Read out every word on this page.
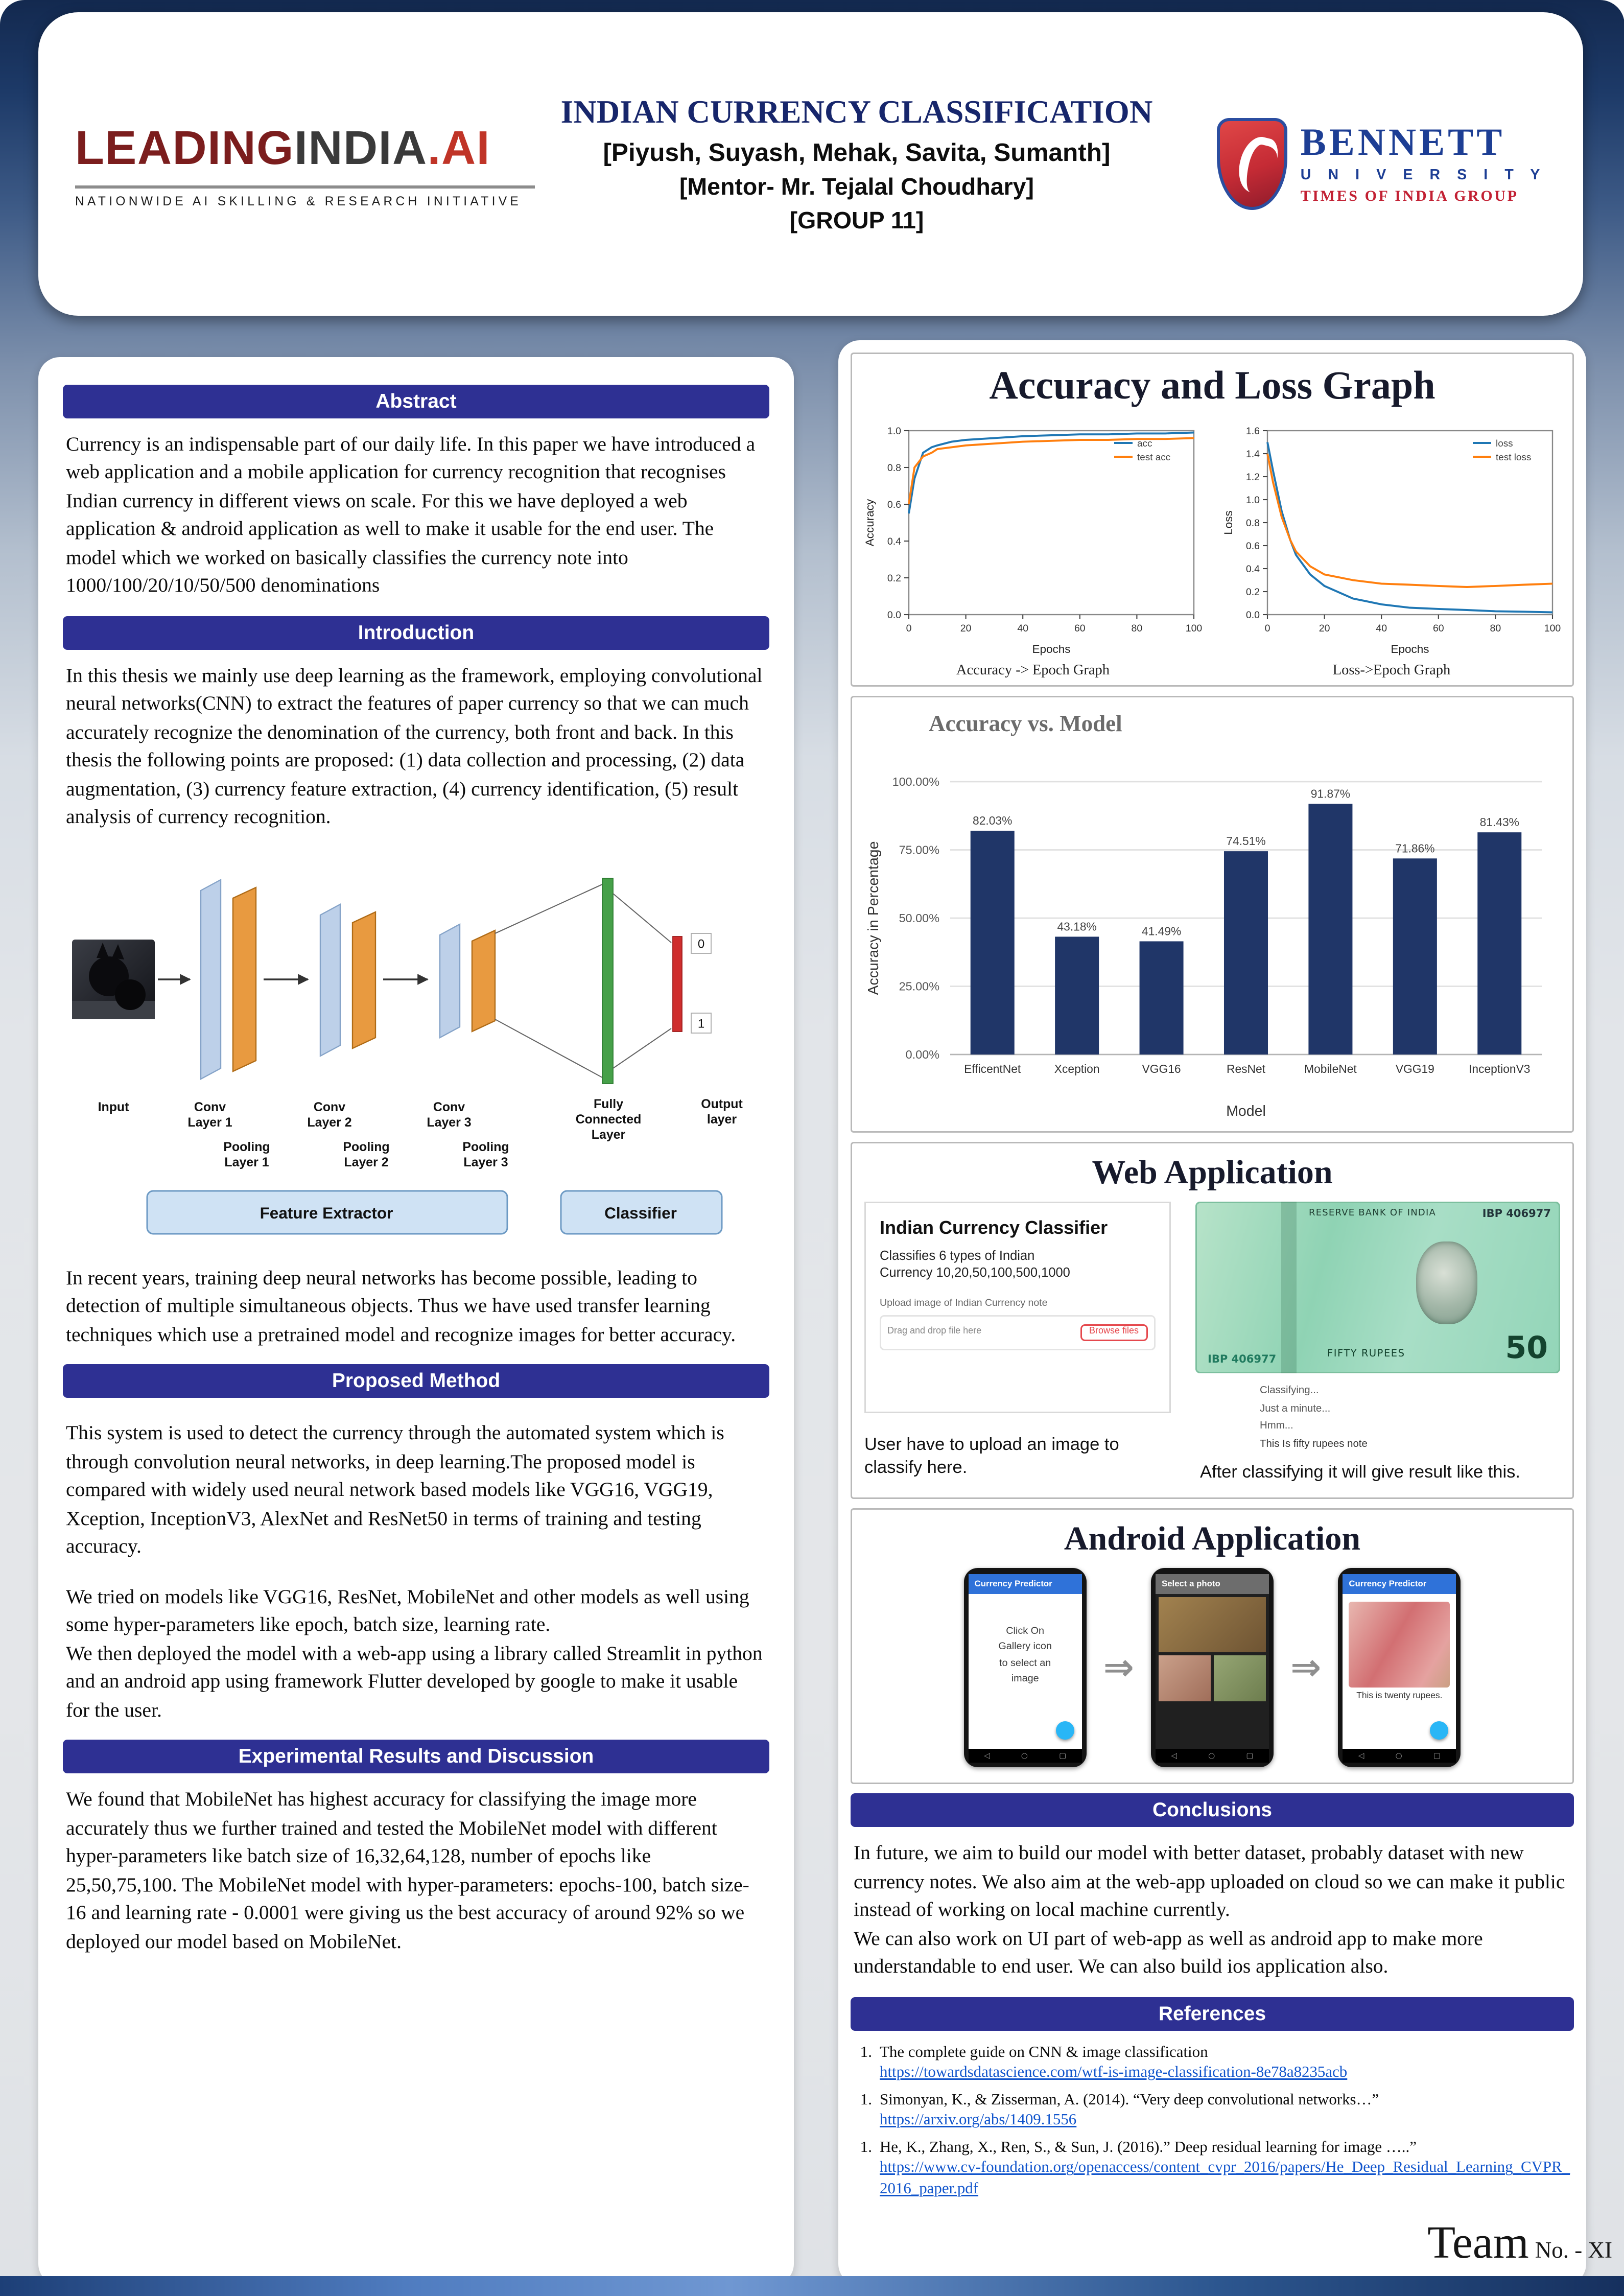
LEADINGINDIA.AI
NATIONWIDE AI SKILLING & RESEARCH INITIATIVE
INDIAN CURRENCY CLASSIFICATION
[Piyush, Suyash, Mehak, Savita, Sumanth]
[Mentor- Mr. Tejalal Choudhary]
[GROUP 11]
BENNETT
U N I V E R S I T Y
TIMES OF INDIA GROUP
Abstract

Currency is an indispensable part of our daily life. In this paper we have introduced a web application and a mobile application for currency recognition that recognises Indian currency in different views on scale. For this we have deployed a web application & android application as well to make it usable for the end user. The model which we worked on basically classifies the currency note into 1000/100/20/10/50/500 denominations

Introduction

In this thesis we mainly use deep learning as the framework, employing convolutional neural networks(CNN) to extract the features of paper currency so that we can much accurately recognize the denomination of the currency, both front and back. In this thesis the following points are proposed: (1) data collection and processing, (2) data augmentation, (3) currency feature extraction, (4) currency identification, (5) result analysis of currency recognition.

0
1
Input	Conv
Layer 1
Pooling
Layer 1
Conv
Layer 2
Pooling
Layer 2
Conv
Layer 3
Pooling
Layer 3
Fully
Connected
Layer
Output
layer
Feature Extractor	Classifier

In recent years, training deep neural networks has become possible, leading to detection of multiple simultaneous objects. Thus we have used transfer learning techniques which use a pretrained model and recognize images for better accuracy.

Proposed Method

This system is used to detect the currency through the automated system which is through convolution neural networks, in deep learning.The proposed model is compared with widely used neural network based models like VGG16, VGG19, Xception, InceptionV3, AlexNet and ResNet50 in terms of training and testing accuracy.

We tried on models like VGG16, ResNet, MobileNet and other models as well using some hyper-parameters like epoch, batch size, learning rate.

We then deployed the model with a web-app using a library called Streamlit in python and an android app using framework Flutter developed by google to make it usable for the user.

Experimental Results and Discussion

We found that MobileNet has highest accuracy for classifying the image more accurately thus we further trained and tested the MobileNet model with different hyper-parameters like batch size of 16,32,64,128, number of epochs like 25,50,75,100. The MobileNet model with hyper-parameters: epochs-100, batch size- 16 and learning rate - 0.0001 were giving us the best accuracy of around 92% so we deployed our model based on MobileNet.

Accuracy and Loss Graph
0	20	40	60	80	100
0.0
0.2
0.4
0.6
0.8
1.0
Epochs
Accuracy
acc
test acc
Accuracy -> Epoch Graph
0	20	40	60	80	100
0.0
0.2
0.4
0.6
0.8
1.0
1.2
1.4
1.6
Epochs
Loss
loss
test loss
Loss->Epoch Graph
Accuracy vs. Model
0.00%
25.00%
50.00%
75.00%
100.00%
82.03%
EfficentNet
43.18%
Xception
41.49%
VGG16
74.51%
ResNet
91.87%
MobileNet
71.86%
VGG19
81.43%
InceptionV3
Model
Accuracy in Percentage
Web Application
Indian Currency Classifier
Classifies 6 types of Indian Currency 10,20,50,100,500,1000
Upload image of Indian Currency note
Drag and drop file here	Browse files
User have to upload an image to classify here.
IBP 406977
RESERVE BANK OF INDIA
50
FIFTY RUPEES
IBP 406977
Classifying...
Just a minute...
Hmm...
This Is fifty rupees note
After classifying it will give result like this.
Android Application
Currency Predictor
Click On
Gallery icon
to select an
image
◁	○	▢
⇒
Select a photo
◁	○	▢
⇒
Currency Predictor
This is twenty rupees.
◁	○	▢
Conclusions

In future, we aim to build our model with better dataset, probably dataset with new currency notes. We also aim at the web-app uploaded on cloud so we can make it public instead of working on local machine currently.

We can also work on UI part of web-app as well as android app to make more understandable to end user. We can also build ios application also.

References
1. The complete guide on CNN & image classification
https://towardsdatascience.com/wtf-is-image-classification-8e78a8235acb
1. Simonyan, K., & Zisserman, A. (2014). “Very deep convolutional networks…”
https://arxiv.org/abs/1409.1556
1. He, K., Zhang, X., Ren, S., & Sun, J. (2016).” Deep residual learning for image …..”
https://www.cv-foundation.org/openaccess/content_cvpr_2016/papers/He_Deep_Residual_Learning_CVPR_2016_paper.pdf
Team No. - XI
